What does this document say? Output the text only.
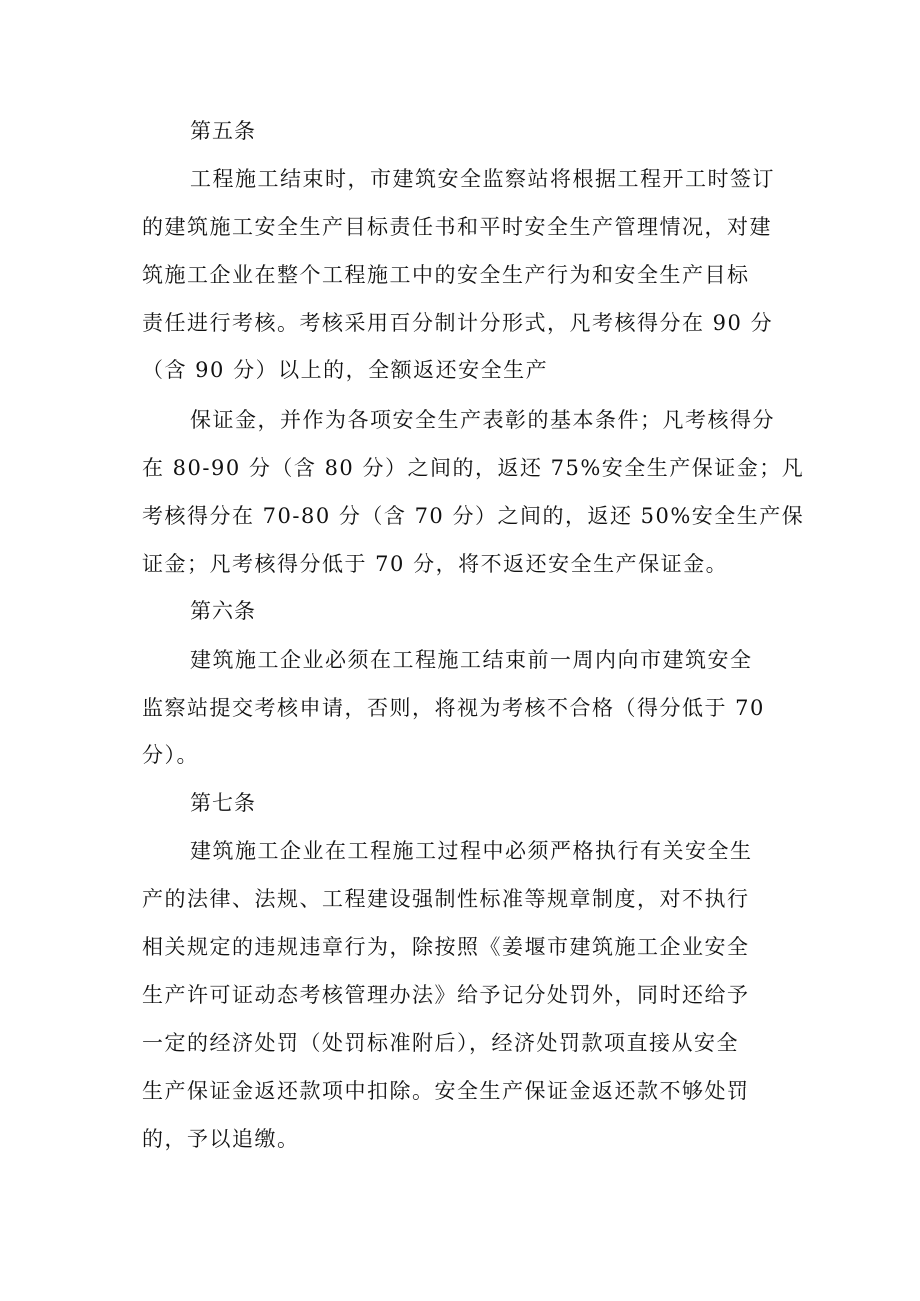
第五条

工程施工结束时，市建筑安全监察站将根据工程开工时签订

的建筑施工安全生产目标责任书和平时安全生产管理情况，对建

筑施工企业在整个工程施工中的安全生产行为和安全生产目标

责任进行考核。考核采用百分制计分形式，凡考核得分在 90 分

（含 90 分）以上的，全额返还安全生产

保证金，并作为各项安全生产表彰的基本条件；凡考核得分

在 80-90 分（含 80 分）之间的，返还 75%安全生产保证金；凡

考核得分在 70-80 分（含 70 分）之间的，返还 50%安全生产保

证金；凡考核得分低于 70 分，将不返还安全生产保证金。

第六条

建筑施工企业必须在工程施工结束前一周内向市建筑安全

监察站提交考核申请，否则，将视为考核不合格（得分低于 70

分）。

第七条

建筑施工企业在工程施工过程中必须严格执行有关安全生

产的法律、法规、工程建设强制性标准等规章制度，对不执行

相关规定的违规违章行为，除按照《姜堰市建筑施工企业安全

生产许可证动态考核管理办法》给予记分处罚外，同时还给予

一定的经济处罚（处罚标准附后），经济处罚款项直接从安全

生产保证金返还款项中扣除。安全生产保证金返还款不够处罚

的，予以追缴。
